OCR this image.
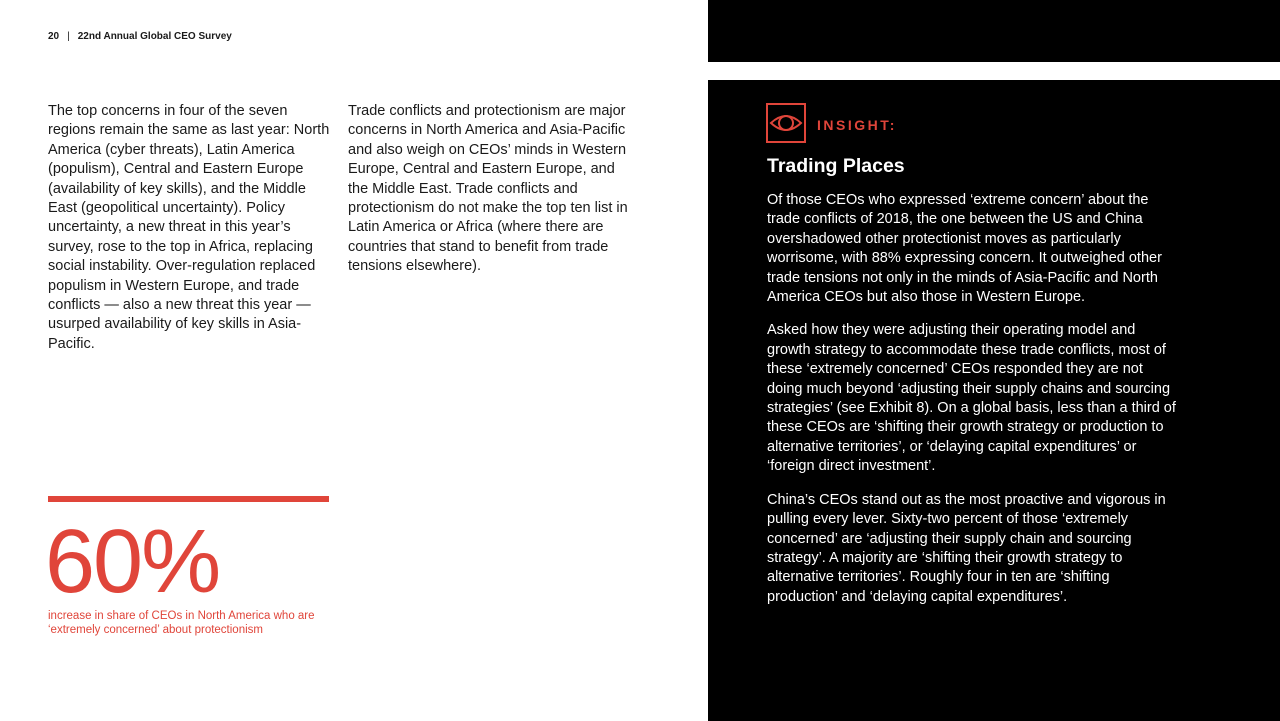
20 | 22nd Annual Global CEO Survey

The top concerns in four of the seven regions remain the same as last year: North America (cyber threats), Latin America (populism), Central and Eastern Europe (availability of key skills), and the Middle East (geopolitical uncertainty). Policy uncertainty, a new threat in this year’s survey, rose to the top in Africa, replacing social instability. Over-regulation replaced populism in Western Europe, and trade conflicts — also a new threat this year — usurped availability of key skills in Asia-Pacific.

Trade conflicts and protectionism are major concerns in North America and Asia-Pacific and also weigh on CEOs’ minds in Western Europe, Central and Eastern Europe, and the Middle East. Trade conflicts and protectionism do not make the top ten list in Latin America or Africa (where there are countries that stand to benefit from trade tensions elsewhere).

60%
increase in share of CEOs in North America who are ‘extremely concerned’ about protectionism
INSIGHT:
Trading Places

Of those CEOs who expressed ‘extreme concern’ about the trade conflicts of 2018, the one between the US and China overshadowed other protectionist moves as particularly worrisome, with 88% expressing concern. It outweighed other trade tensions not only in the minds of Asia-Pacific and North America CEOs but also those in Western Europe.

Asked how they were adjusting their operating model and growth strategy to accommodate these trade conflicts, most of these ‘extremely concerned’ CEOs responded they are not doing much beyond ‘adjusting their supply chains and sourcing strategies’ (see Exhibit 8). On a global basis, less than a third of these CEOs are ‘shifting their growth strategy or production to alternative territories’, or ‘delaying capital expenditures’ or ‘foreign direct investment’.

China’s CEOs stand out as the most proactive and vigorous in pulling every lever. Sixty-two percent of those ‘extremely concerned’ are ‘adjusting their supply chain and sourcing strategy’. A majority are ‘shifting their growth strategy to alternative territories’. Roughly four in ten are ‘shifting production’ and ‘delaying capital expenditures’.
